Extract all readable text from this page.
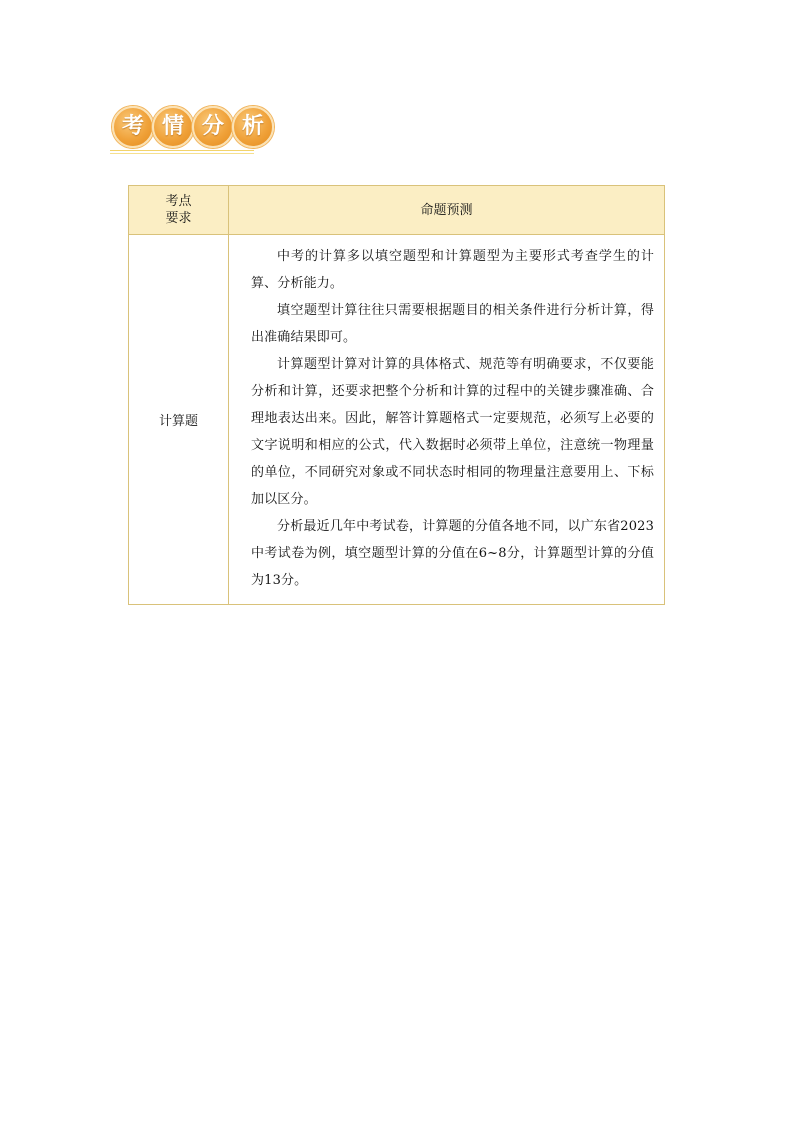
考 情 分 析
考点
要求	命题预测
计算题	中考的计算多以填空题型和计算题型为主要形式考查学生的计算、分析能力。

填空题型计算往往只需要根据题目的相关条件进行分析计算，得出准确结果即可。

计算题型计算对计算的具体格式、规范等有明确要求，不仅要能分析和计算，还要求把整个分析和计算的过程中的关键步骤准确、合理地表达出来。因此，解答计算题格式一定要规范，必须写上必要的文字说明和相应的公式，代入数据时必须带上单位，注意统一物理量的单位，不同研究对象或不同状态时相同的物理量注意要用上、下标加以区分。

分析最近几年中考试卷，计算题的分值各地不同，以广东省2023中考试卷为例，填空题型计算的分值在6~8分，计算题型计算的分值为13分。
